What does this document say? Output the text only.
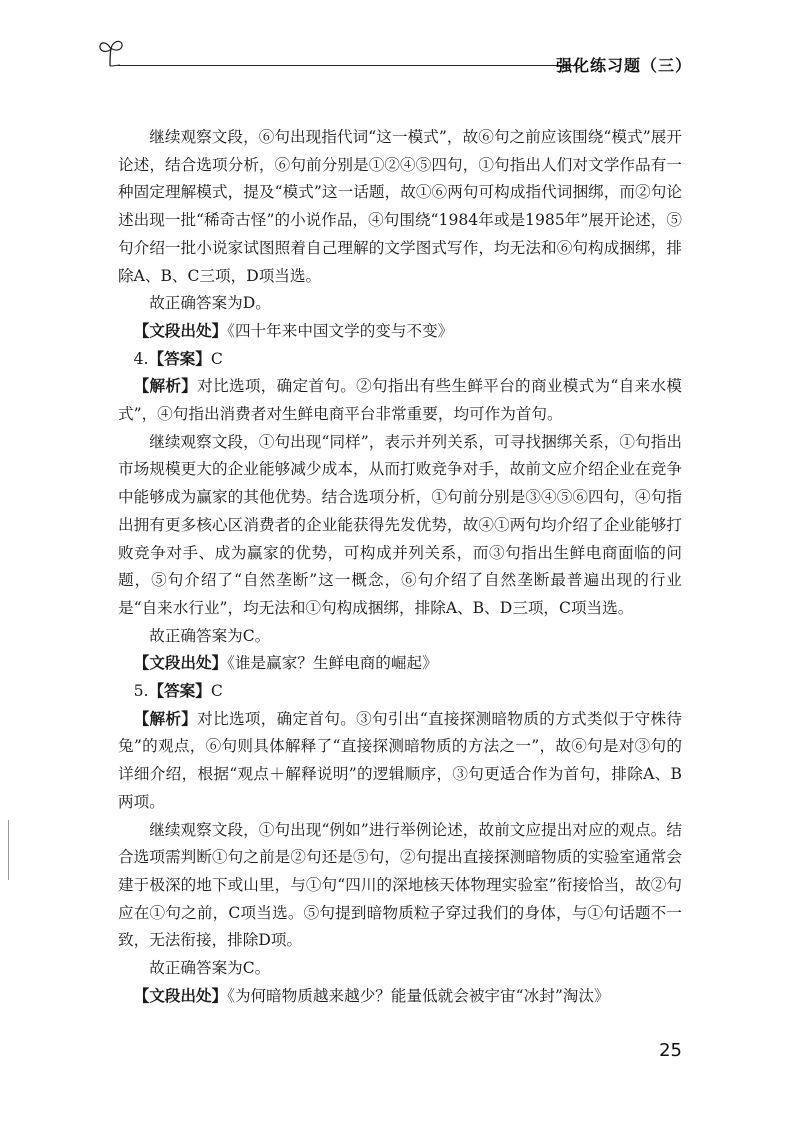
强化练习题（三）

继续观察文段，⑥句出现指代词“这一模式”，故⑥句之前应该围绕“模式”展开论述，结合选项分析，⑥句前分别是①②④⑤四句，①句指出人们对文学作品有一种固定理解模式，提及“模式”这一话题，故①⑥两句可构成指代词捆绑，而②句论述出现一批“稀奇古怪”的小说作品，④句围绕“1984年或是1985年”展开论述，⑤句介绍一批小说家试图照着自己理解的文学图式写作，均无法和⑥句构成捆绑，排除A、B、C三项，D项当选。

故正确答案为D。

【文段出处】《四十年来中国文学的变与不变》

4.【答案】C

【解析】对比选项，确定首句。②句指出有些生鲜平台的商业模式为“自来水模式”，④句指出消费者对生鲜电商平台非常重要，均可作为首句。

继续观察文段，①句出现“同样”，表示并列关系，可寻找捆绑关系，①句指出市场规模更大的企业能够减少成本，从而打败竞争对手，故前文应介绍企业在竞争中能够成为赢家的其他优势。结合选项分析，①句前分别是③④⑤⑥四句，④句指出拥有更多核心区消费者的企业能获得先发优势，故④①两句均介绍了企业能够打败竞争对手、成为赢家的优势，可构成并列关系，而③句指出生鲜电商面临的问题，⑤句介绍了“自然垄断”这一概念，⑥句介绍了自然垄断最普遍出现的行业是“自来水行业”，均无法和①句构成捆绑，排除A、B、D三项，C项当选。

故正确答案为C。

【文段出处】《谁是赢家？生鲜电商的崛起》

5.【答案】C

【解析】对比选项，确定首句。③句引出“直接探测暗物质的方式类似于守株待兔”的观点，⑥句则具体解释了“直接探测暗物质的方法之一”，故⑥句是对③句的详细介绍，根据“观点＋解释说明”的逻辑顺序，③句更适合作为首句，排除A、B两项。

继续观察文段，①句出现“例如”进行举例论述，故前文应提出对应的观点。结合选项需判断①句之前是②句还是⑤句，②句提出直接探测暗物质的实验室通常会建于极深的地下或山里，与①句“四川的深地核天体物理实验室”衔接恰当，故②句应在①句之前，C项当选。⑤句提到暗物质粒子穿过我们的身体，与①句话题不一致，无法衔接，排除D项。

故正确答案为C。

【文段出处】《为何暗物质越来越少？能量低就会被宇宙“冰封”淘汰》

25
